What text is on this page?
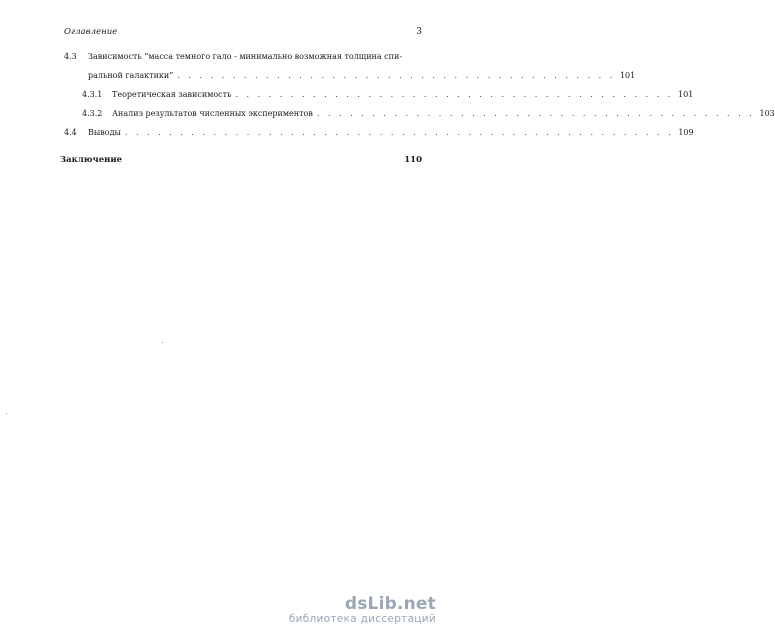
Оглавление	3
4.3	Зависимость “масса темного гало - минимально возможная толщина спи-
ральной галактики” . . . . . . . . . . . . . . . . . . . . . . . . . . . . . . . . . . . . . . . . 101
4.3.1	Теоретическая зависимость . . . . . . . . . . . . . . . . . . . . . . . . . . . . . . . . . . . . . . . . 101
4.3.2	Анализ результатов численных экспериментов . . . . . . . . . . . . . . . . . . . . . . . . . . . . . . . . . . . . . . . . 103
4.4	Выводы . . . . . . . . . . . . . . . . . . . . . . . . . . . . . . . . . . . . . . . . . . . . . . . . . . 109
Заключение	110
dsLib.net
библиотека диссертаций
